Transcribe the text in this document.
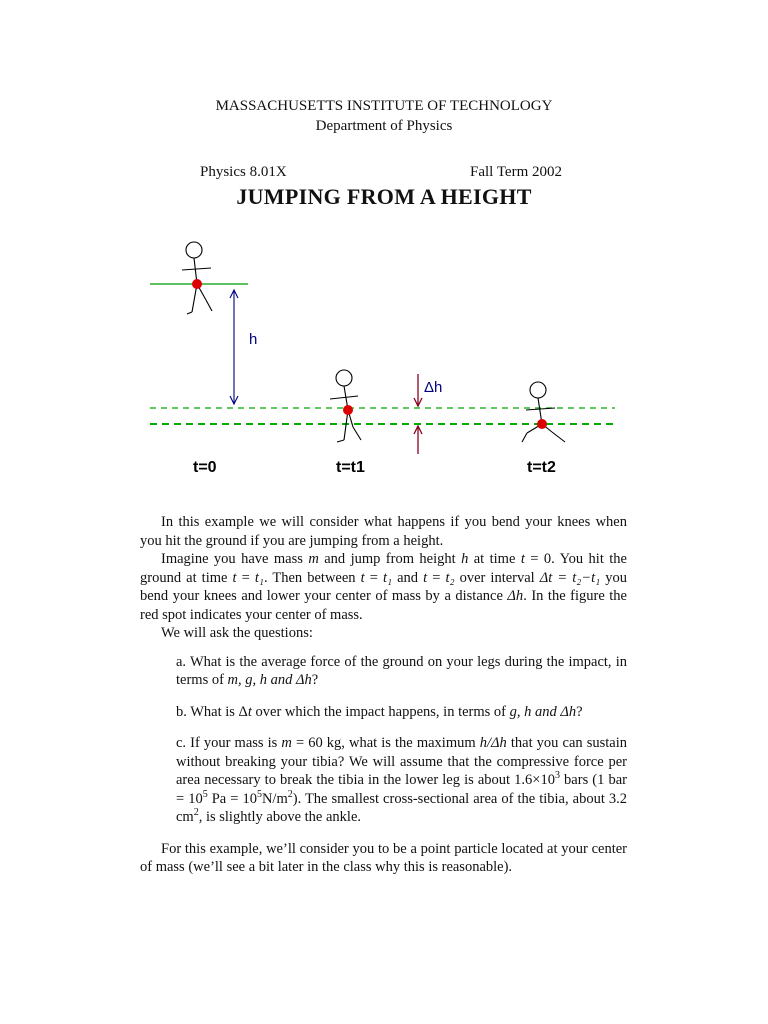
MASSACHUSETTS INSTITUTE OF TECHNOLOGY
Department of Physics
Physics 8.01X	Fall Term 2002
JUMPING FROM A HEIGHT
h
Δh
t=0	t=t1	t=t2

In this example we will consider what happens if you bend your knees when you hit the ground if you are jumping from a height.

Imagine you have mass m and jump from height h at time t = 0. You hit the ground at time t = t₁. Then between t = t₁ and t = t₂ over interval Δt = t₂−t₁ you bend your knees and lower your center of mass by a distance Δh. In the figure the red spot indicates your center of mass.

We will ask the questions:

a. What is the average force of the ground on your legs during the impact, in terms of m, g, h and Δh?

b. What is Δt over which the impact happens, in terms of g, h and Δh?

c. If your mass is m = 60 kg, what is the maximum h/Δh that you can sustain without breaking your tibia? We will assume that the compressive force per area necessary to break the tibia in the lower leg is about $1.6\times 10^3$ bars (1 bar = $10^5$ $Pa = 10^5N/m^2$). The smallest cross-sectional area of the tibia, about 3.2 $cm^2$, is slightly above the ankle.

For this example, we’ll consider you to be a point particle located at your center of mass (we’ll see a bit later in the class why this is reasonable).
